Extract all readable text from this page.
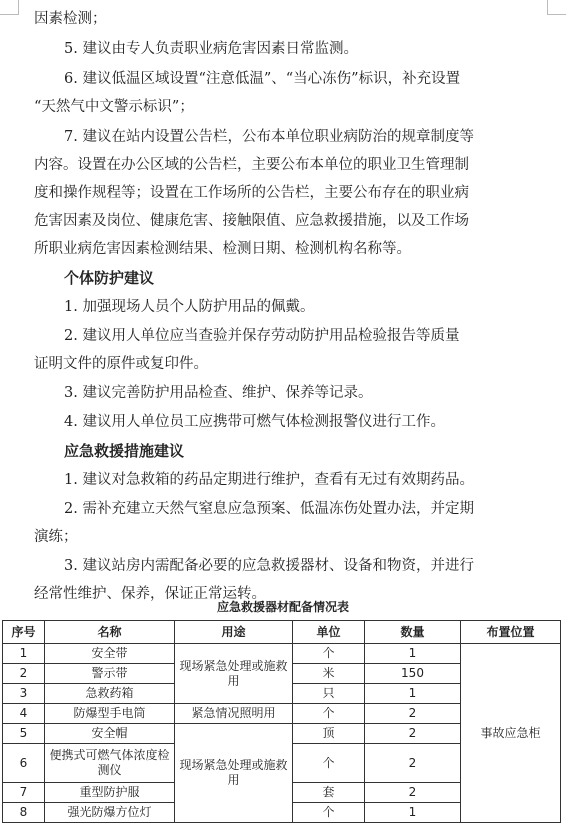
因素检测；

5. 建议由专人负责职业病危害因素日常监测。

6. 建议低温区域设置“注意低温”、“当心冻伤”标识，补充设置

“天然气中文警示标识”；

7. 建议在站内设置公告栏，公布本单位职业病防治的规章制度等

内容。设置在办公区域的公告栏，主要公布本单位的职业卫生管理制

度和操作规程等；设置在工作场所的公告栏，主要公布存在的职业病

危害因素及岗位、健康危害、接触限值、应急救援措施，以及工作场

所职业病危害因素检测结果、检测日期、检测机构名称等。

个体防护建议

1. 加强现场人员个人防护用品的佩戴。

2. 建议用人单位应当查验并保存劳动防护用品检验报告等质量

证明文件的原件或复印件。

3. 建议完善防护用品检查、维护、保养等记录。

4. 建议用人单位员工应携带可燃气体检测报警仪进行工作。

应急救援措施建议

1. 建议对急救箱的药品定期进行维护，查看有无过有效期药品。

2. 需补充建立天然气窒息应急预案、低温冻伤处置办法，并定期

演练；

3. 建议站房内需配备必要的应急救援器材、设备和物资，并进行

经常性维护、保养，保证正常运转。

应急救援器材配备情况表
序号	名称	用途	单位	数量	布置位置
1	安全带	现场紧急处理或施救用	个	1	事故应急柜
2	警示带		米	150	
3	急救药箱		只	1	
4	防爆型手电筒	紧急情况照明用	个	2	
5	安全帽	现场紧急处理或施救用	顶	2	
6	便携式可燃气体浓度检测仪		个	2	
7	重型防护服		套	2	
8	强光防爆方位灯		个	1	
